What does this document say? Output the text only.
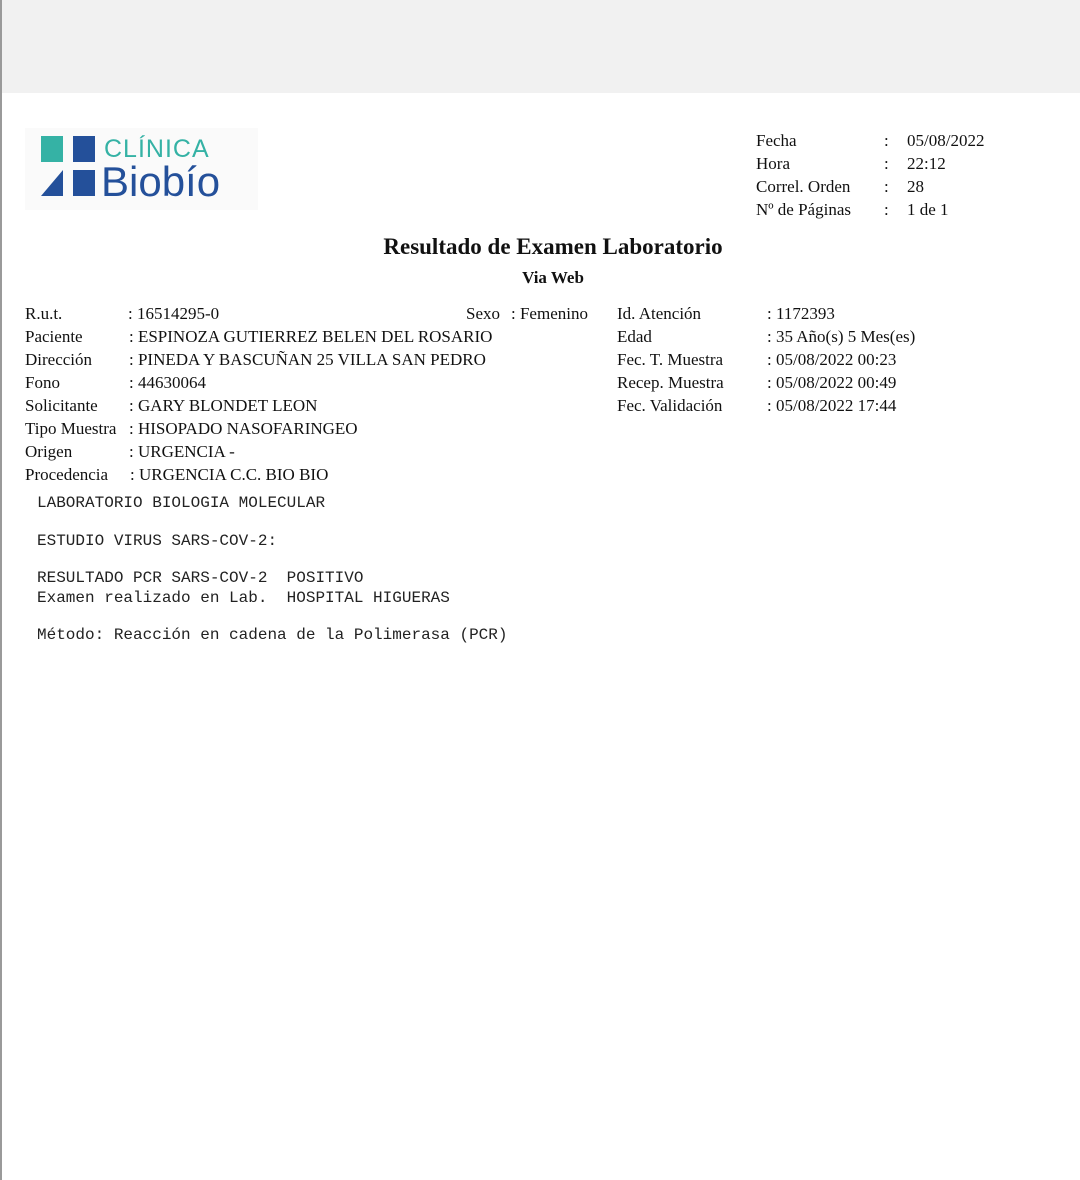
CLÍNICA
Biobío
Fecha	: 05/08/2022
Hora	: 22:12
Correl. Orden : 28
Nº de Páginas : 1 de 1
Resultado de Examen Laboratorio
Via Web
R.u.t.	: 16514295-0
Paciente	: ESPINOZA GUTIERREZ BELEN DEL ROSARIO
Dirección : PINEDA Y BASCUÑAN 25 VILLA SAN PEDRO
Fono	: 44630064
Solicitante : GARY BLONDET LEON
Tipo Muestra : HISOPADO NASOFARINGEO
Origen	: URGENCIA -
Procedencia : URGENCIA C.C. BIO BIO
Sexo : Femenino Id. Atención	: 1172393
Edad	: 35 Año(s) 5 Mes(es)
Fec. T. Muestra	: 05/08/2022 00:23
Recep. Muestra	: 05/08/2022 00:49
Fec. Validación	: 05/08/2022 17:44
LABORATORIO BIOLOGIA MOLECULAR
ESTUDIO VIRUS SARS-COV-2:
RESULTADO PCR SARS-COV-2  POSITIVO
Examen realizado en Lab.  HOSPITAL HIGUERAS
Método: Reacción en cadena de la Polimerasa (PCR)
